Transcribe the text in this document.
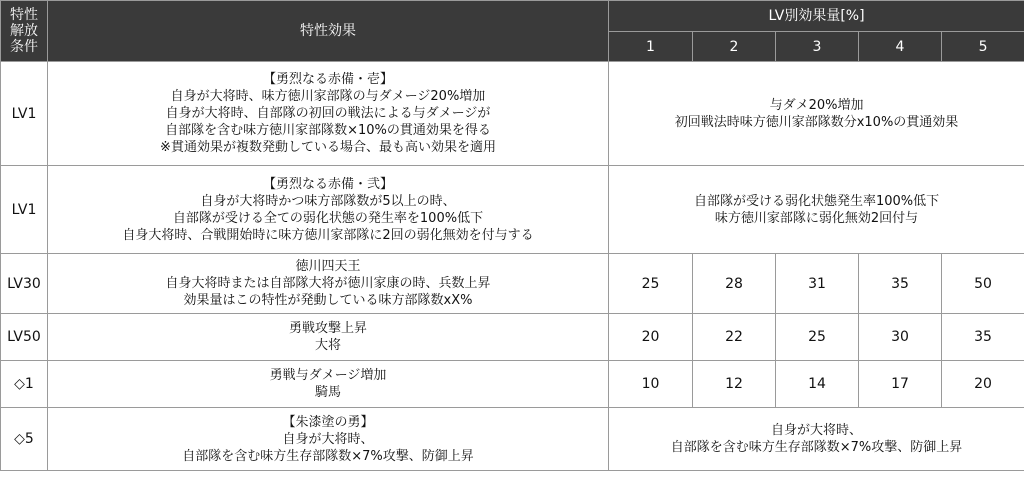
特性
解放
条件	特性効果	LV別効果量[%]				
		1	2	3	4	5
LV1	【勇烈なる赤備・壱】
自身が大将時、味方徳川家部隊の与ダメージ20%増加
自身が大将時、自部隊の初回の戦法による与ダメージが
自部隊を含む味方徳川家部隊数×10%の貫通効果を得る
※貫通効果が複数発動している場合、最も高い効果を適用	与ダメ20%増加
初回戦法時味方徳川家部隊数分x10%の貫通効果				

LV1	【勇烈なる赤備・弐】
自身が大将時かつ味方部隊数が5以上の時、
自部隊が受ける全ての弱化状態の発生率を100%低下
自身大将時、合戦開始時に味方徳川家部隊に2回の弱化無効を付与する	自部隊が受ける弱化状態発生率100%低下
味方徳川家部隊に弱化無効2回付与				

LV30	徳川四天王
自身大将時または自部隊大将が徳川家康の時、兵数上昇
効果量はこの特性が発動している味方部隊数xX%	25	28	31	35	50
LV50	勇戦攻撃上昇
大将	20	22	25	30	35
◇1	勇戦与ダメージ増加
騎馬	10	12	14	17	20
◇5	【朱漆塗の勇】
自身が大将時、
自部隊を含む味方生存部隊数×7%攻撃、防御上昇	自身が大将時、
自部隊を含む味方生存部隊数×7%攻撃、防御上昇				
